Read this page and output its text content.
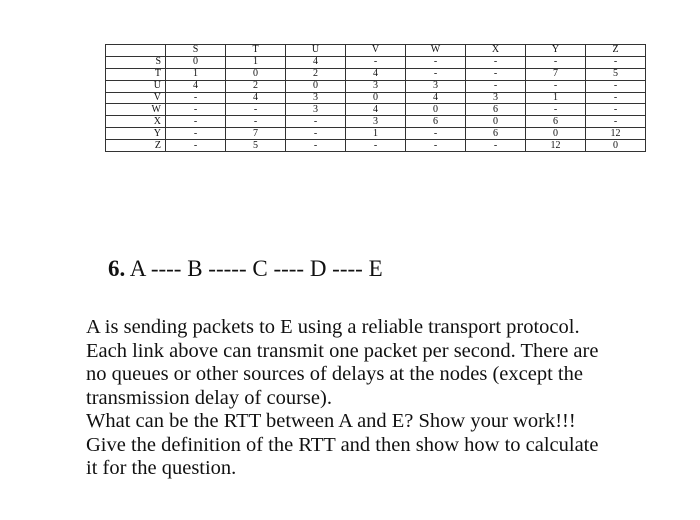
	S	T	U	V	W	X	Y	Z
S	0	1	4	-	-	-	-	-
T	1	0	2	4	-	-	7	5
U	4	2	0	3	3	-	-	-
V	-	4	3	0	4	3	1	-
W	-	-	3	4	0	6	-	-
X	-	-	-	3	6	0	6	-
Y	-	7	-	1	-	6	0	12
Z	-	5	-	-	-	-	12	0
6. A ---- B ----- C ---- D ---- E

A is sending packets to E using a reliable transport protocol.

Each link above can transmit one packet per second. There are

no queues or other sources of delays at the nodes (except the

transmission delay of course).

What can be the RTT between A and E? Show your work!!!

Give the definition of the RTT and then show how to calculate

it for the question.
